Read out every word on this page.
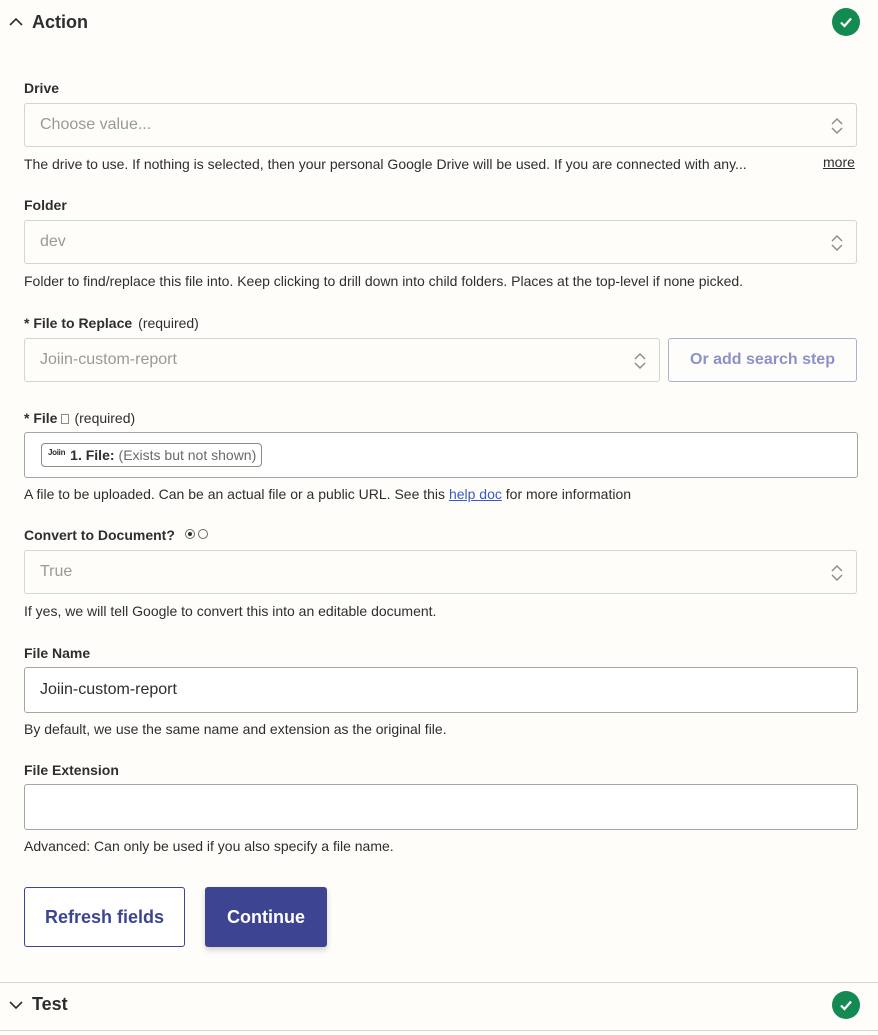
Action
Drive
Choose value...
The drive to use. If nothing is selected, then your personal Google Drive will be used. If you are connected with any...	more
Folder
dev
Folder to find/replace this file into. Keep clicking to drill down into child folders. Places at the top-level if none picked.
* File to Replace (required)
Joiin-custom-report	Or add search step
* File (required)
Joiin 1. File: (Exists but not shown)
A file to be uploaded. Can be an actual file or a public URL. See this help doc for more information
Convert to Document?
True
If yes, we will tell Google to convert this into an editable document.
File Name
Joiin-custom-report
By default, we use the same name and extension as the original file.
File Extension
Advanced: Can only be used if you also specify a file name.
Refresh fields	Continue
Test
